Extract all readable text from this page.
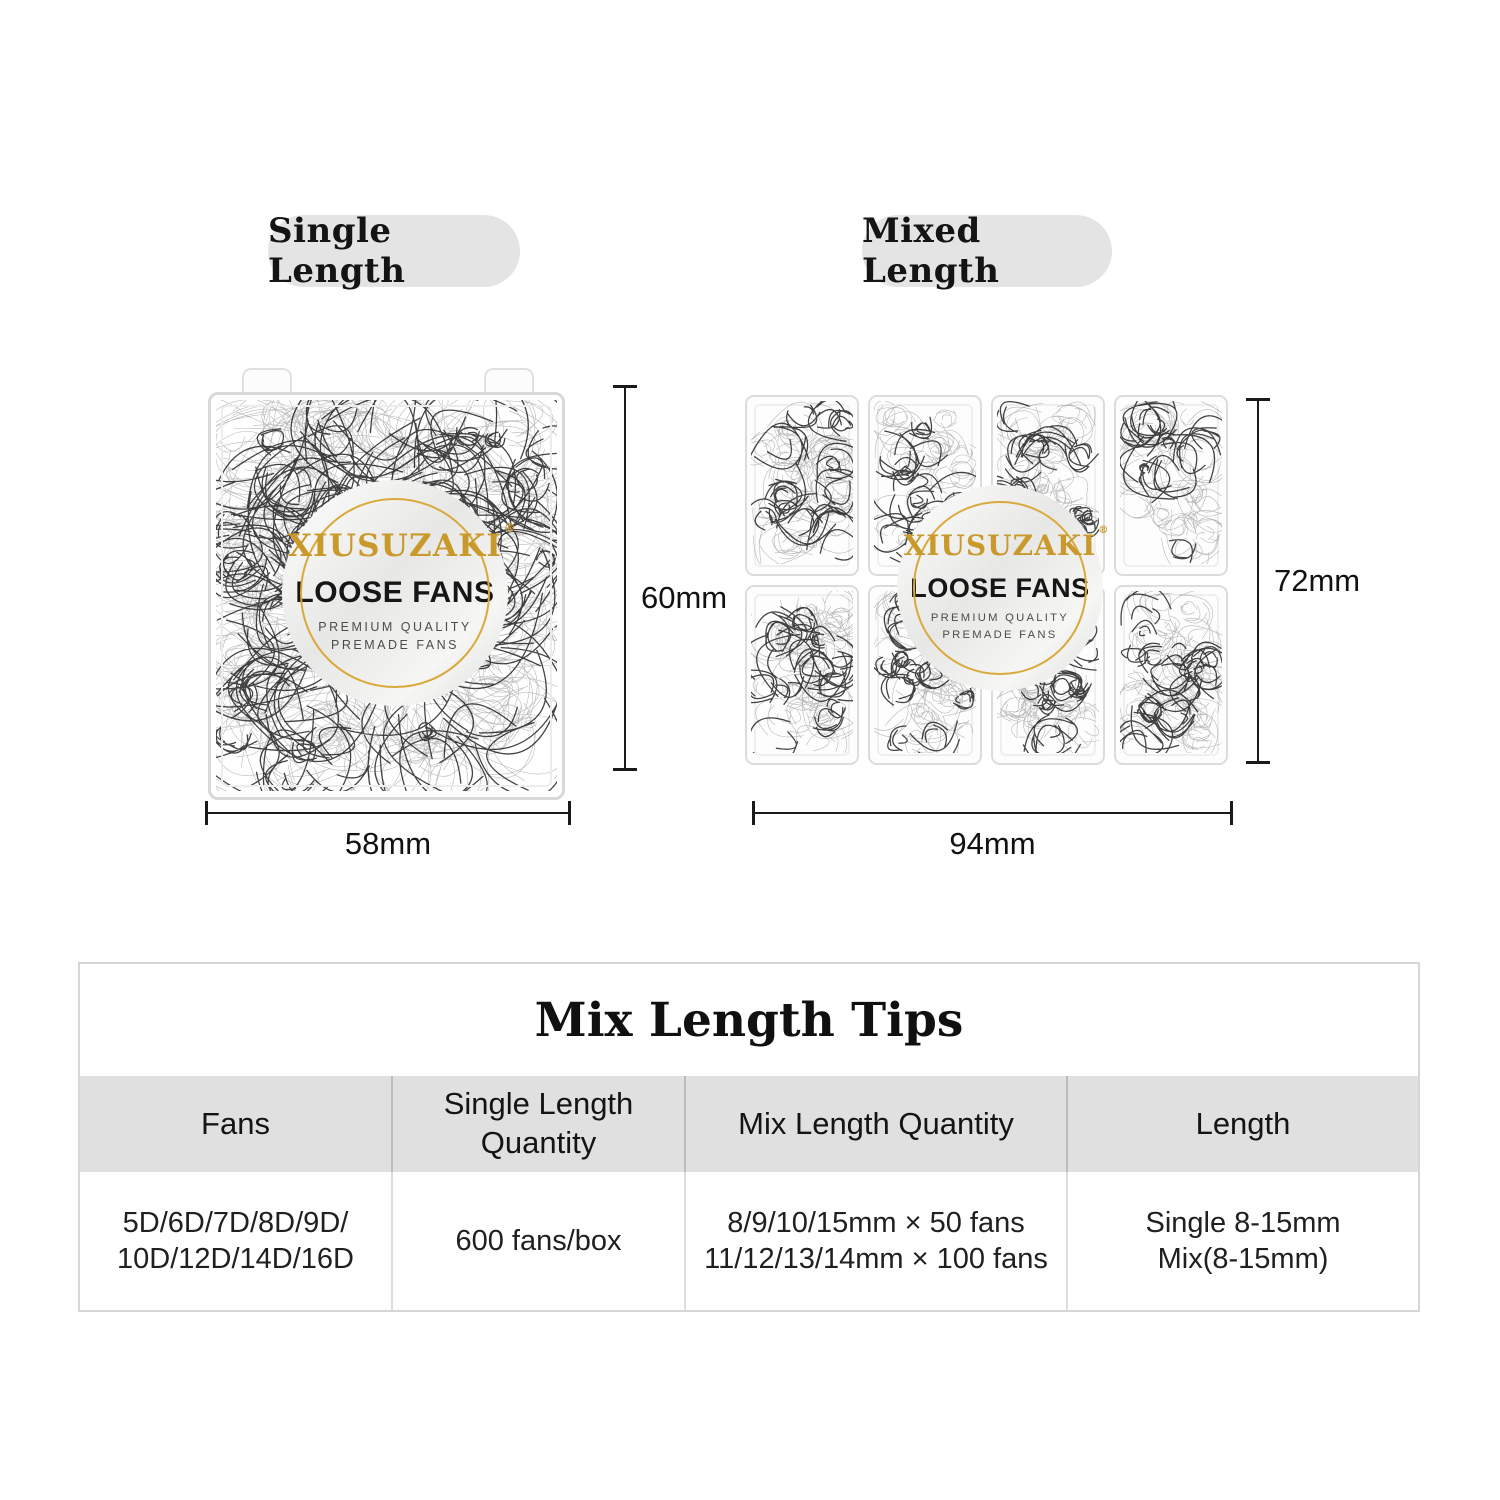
Single Length
Mixed Length
XIUSUZAKI
®
LOOSE FANS
PREMIUM QUALITY
PREMADE FANS
XIUSUZAKI ®
LOOSE FANS
PREMIUM QUALITY
PREMADE FANS
60mm
58mm
72mm
94mm
Mix Length Tips
Fans
Single Length Quantity
Mix Length Quantity	Length
5D/6D/7D/8D/9D/
10D/12D/14D/16D
600 fans/box
8/9/10/15mm × 50 fans
11/12/13/14mm × 100 fans
Single 8-15mm
Mix(8-15mm)
